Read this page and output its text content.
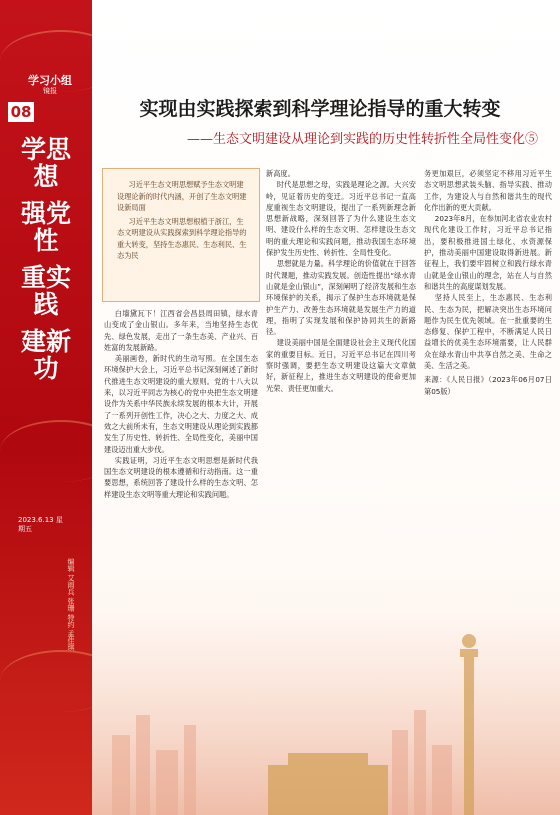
学习小组
镜报
08
学思想
强党性
重实践
建新功
2023.6.13 星期五
编辑 艾雨兵 张珊 特约 孟佳琪
实现由实践探索到科学理论指导的重大转变
——生态文明建设从理论到实践的历史性转折性全局性变化⑤

习近平生态文明思想赋予生态文明建设理论新的时代内涵，开创了生态文明建设新局面

习近平生态文明思想根植于浙江，生态文明建设从实践探索到科学理论指导的重大转变，坚持生态惠民、生态利民、生态为民

白墙黛瓦下！江西省会昌县周田镇，绿水青山变成了金山银山。多年来，当地坚持生态优先、绿色发展，走出了一条生态美、产业兴、百姓富的发展新路。

美丽画卷，新时代的生动写照。在全国生态环境保护大会上，习近平总书记深刻阐述了新时代推进生态文明建设的重大原则。党的十八大以来，以习近平同志为核心的党中央把生态文明建设作为关系中华民族永续发展的根本大计，开展了一系列开创性工作，决心之大、力度之大、成效之大前所未有，生态文明建设从理论到实践都发生了历史性、转折性、全局性变化，美丽中国建设迈出重大步伐。

实践证明，习近平生态文明思想是新时代我国生态文明建设的根本遵循和行动指南。这一重要思想，系统回答了建设什么样的生态文明、怎样建设生态文明等重大理论和实践问题。

新高度。

时代是思想之母，实践是理论之源。大兴安岭，见证着历史的变迁。习近平总书记一直高度重视生态文明建设，提出了一系列新理念新思想新战略，深刻回答了为什么建设生态文明、建设什么样的生态文明、怎样建设生态文明的重大理论和实践问题，推动我国生态环境保护发生历史性、转折性、全局性变化。

思想就是力量。科学理论的价值就在于回答时代课题，推动实践发展。创造性提出“绿水青山就是金山银山”，深刻阐明了经济发展和生态环境保护的关系，揭示了保护生态环境就是保护生产力、改善生态环境就是发展生产力的道理，指明了实现发展和保护协同共生的新路径。

建设美丽中国是全面建设社会主义现代化国家的重要目标。近日，习近平总书记在四川考察时强调，要把生态文明建设这篇大文章做好，新征程上，推进生态文明建设的使命更加光荣、责任更加重大。

务更加艰巨，必须坚定不移用习近平生态文明思想武装头脑、指导实践、推动工作，为建设人与自然和谐共生的现代化作出新的更大贡献。

2023年8月，在参加河北省农业农村现代化建设工作时，习近平总书记指出，要积极推进国土绿化、水资源保护，推动美丽中国建设取得新进展。新征程上，我们要牢固树立和践行绿水青山就是金山银山的理念，站在人与自然和谐共生的高度谋划发展。

坚持人民至上，生态惠民、生态利民、生态为民，把解决突出生态环境问题作为民生优先领域。在一批重要的生态修复、保护工程中，不断满足人民日益增长的优美生态环境需要，让人民群众在绿水青山中共享自然之美、生命之美、生活之美。

来源：《人民日报》（2023年06月07日 第05版）
